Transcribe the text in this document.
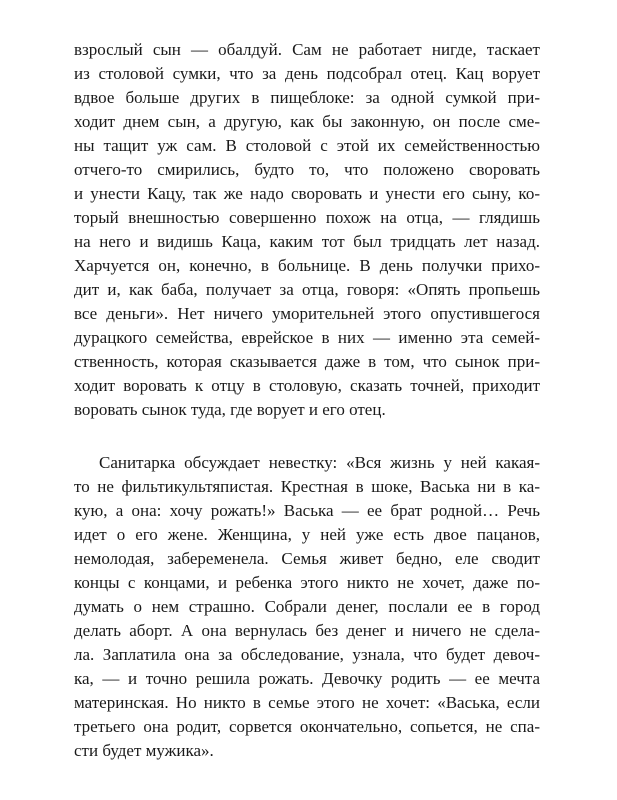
взрослый сын — обалдуй. Сам не работает нигде, таскает
из столовой сумки, что за день подсобрал отец. Кац ворует
вдвое больше других в пищеблоке: за одной сумкой при-
ходит днем сын, а другую, как бы законную, он после сме-
ны тащит уж сам. В столовой с этой их семейственностью
отчего-то смирились, будто то, что положено своровать
и унести Кацу, так же надо своровать и унести его сыну, ко-
торый внешностью совершенно похож на отца, — глядишь
на него и видишь Каца, каким тот был тридцать лет назад.
Харчуется он, конечно, в больнице. В день получки прихо-
дит и, как баба, получает за отца, говоря: «Опять пропьешь
все деньги». Нет ничего уморительней этого опустившегося
дурацкого семейства, еврейское в них — именно эта семей-
ственность, которая сказывается даже в том, что сынок при-
ходит воровать к отцу в столовую, сказать точней, приходит
воровать сынок туда, где ворует и его отец.
Санитарка обсуждает невестку: «Вся жизнь у ней какая-
то не фильтикультяпистая. Крестная в шоке, Васька ни в ка-
кую, а она: хочу рожать!» Васька — ее брат родной… Речь
идет о его жене. Женщина, у ней уже есть двое пацанов,
немолодая, забеременела. Семья живет бедно, еле сводит
концы с концами, и ребенка этого никто не хочет, даже по-
думать о нем страшно. Собрали денег, послали ее в город
делать аборт. А она вернулась без денег и ничего не сдела-
ла. Заплатила она за обследование, узнала, что будет девоч-
ка, — и точно решила рожать. Девочку родить — ее мечта
материнская. Но никто в семье этого не хочет: «Васька, если
третьего она родит, сорвется окончательно, сопьется, не спа-
сти будет мужика».
